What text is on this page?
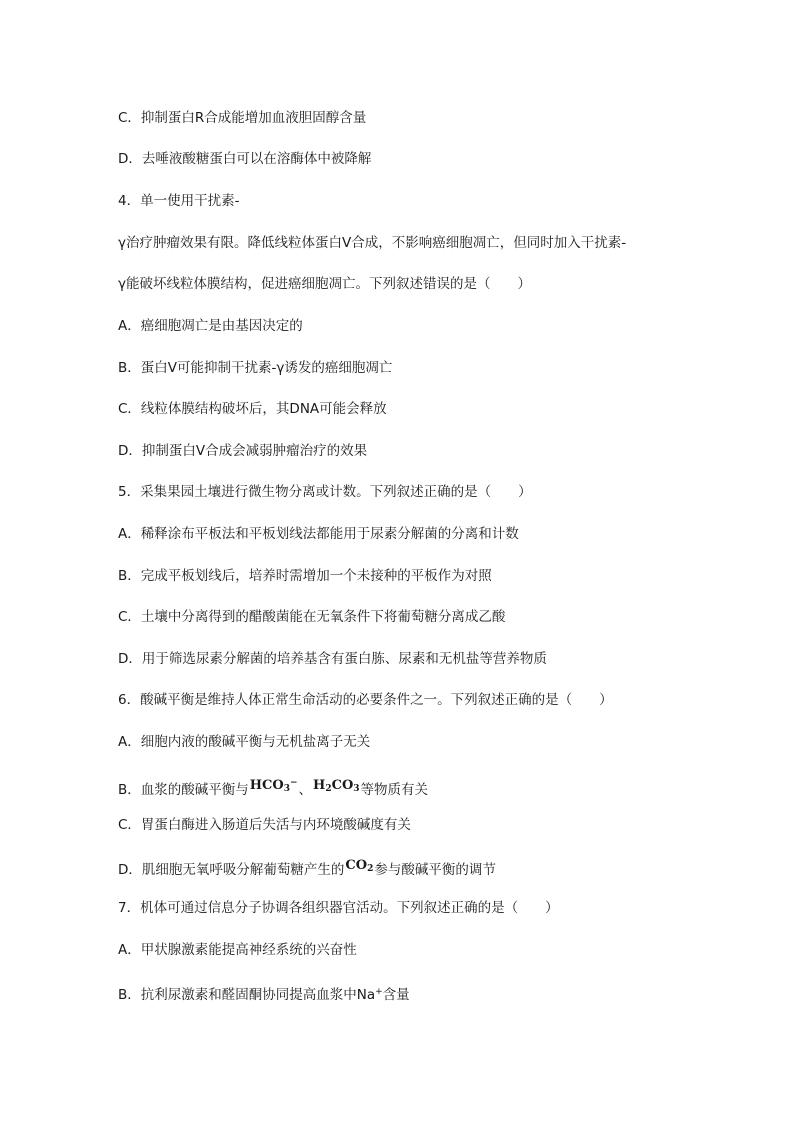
C．抑制蛋白R合成能增加血液胆固醇含量
D．去唾液酸糖蛋白可以在溶酶体中被降解
4．单一使用干扰素-
γ治疗肿瘤效果有限。降低线粒体蛋白V合成，不影响癌细胞凋亡，但同时加入干扰素-
γ能破坏线粒体膜结构，促进癌细胞凋亡。下列叙述错误的是（　　）
A．癌细胞凋亡是由基因决定的
B．蛋白V可能抑制干扰素-γ诱发的癌细胞凋亡
C．线粒体膜结构破坏后，其DNA可能会释放
D．抑制蛋白V合成会减弱肿瘤治疗的效果
5．采集果园土壤进行微生物分离或计数。下列叙述正确的是（　　）
A．稀释涂布平板法和平板划线法都能用于尿素分解菌的分离和计数
B．完成平板划线后，培养时需增加一个未接种的平板作为对照
C．土壤中分离得到的醋酸菌能在无氧条件下将葡萄糖分离成乙酸
D．用于筛选尿素分解菌的培养基含有蛋白胨、尿素和无机盐等营养物质
6．酸碱平衡是维持人体正常生命活动的必要条件之一。下列叙述正确的是（　　）
A．细胞内液的酸碱平衡与无机盐离子无关
B．血浆的酸碱平衡与HCO3−、H2CO3等物质有关
C．胃蛋白酶进入肠道后失活与内环境酸碱度有关
D．肌细胞无氧呼吸分解葡萄糖产生的CO2参与酸碱平衡的调节
7．机体可通过信息分子协调各组织器官活动。下列叙述正确的是（　　）
A．甲状腺激素能提高神经系统的兴奋性
B．抗利尿激素和醛固酮协同提高血浆中Na+含量
